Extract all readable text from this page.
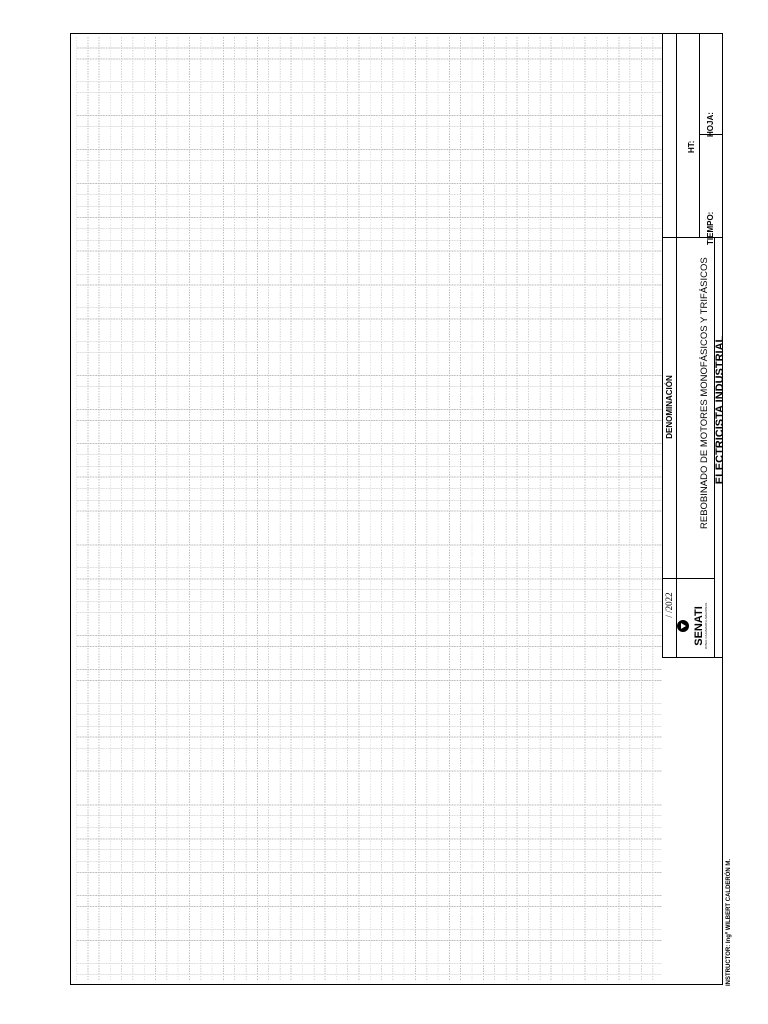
/ /2022
DENOMINACIÓN	REBOBINADO DE MOTORES MONOFÁSICOS Y TRIFÁSICOS ELECTRICISTA INDUSTRIAL
HT:
TIEMPO:
HOJA:
SENATI ZONAL CAJAMARCA AMAZONAS
INSTRUCTOR: Ingº WILBERT CALDERÓN M.
